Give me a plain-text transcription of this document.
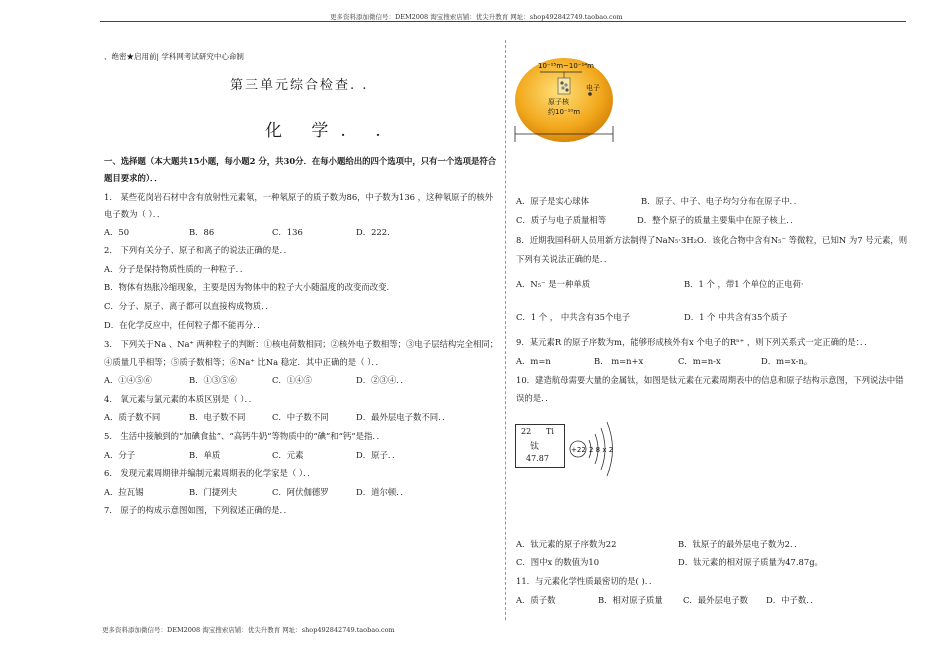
更多资料添加微信号：DEM2008 淘宝搜索店铺：优尖升教育 网址：shop492842749.taobao.com
、绝密★启用前| 学科网考试研究中心命制
第三单元综合检查. .
化 学. .
一、选择题（本大题共15小题，每小题2 分，共30分．在每小题给出的四个选项中，只有一个选项是符合
题目要求的）．．
1． 某些花岗岩石材中含有放射性元素氡，一种氡原子的质子数为86，中子数为136 ，这种氡原子的核外
电子数为（ ）．．
A．50	B．86	C．136	D．222．
2． 下列有关分子、原子和离子的说法正确的是．．
A．分子是保持物质性质的一种粒子．．
B．物体有热胀冷缩现象，主要是因为物体中的粒子大小随温度的改变而改变．
C．分子、原子、离子都可以直接构成物质．．
D．在化学反应中，任何粒子都不能再分．．
3． 下列关于Na 、Na⁺ 两种粒子的判断：①核电荷数相同；②核外电子数相等；③电子层结构完全相同；
④质量几乎相等；⑤质子数相等；⑥Na⁺ 比Na 稳定．其中正确的是（ ）．．
A．①④⑤⑥	B．①③⑤⑥	C．①④⑤	D．②③④．．
4． 氧元素与氯元素的本质区别是（ ）．．
A．质子数不同	B．电子数不同	C．中子数不同	D．最外层电子数不同．．
5． 生活中接触到的“加碘食盐”、“高钙牛奶”等物质中的“碘”和“钙”是指．．
A．分子	B．单质	C．元素	D．原子．．
6． 发现元素周期律并编制元素周期表的化学家是（ ）．．
A．拉瓦锡	B．门捷列夫	C．阿伏伽德罗	D．道尔顿．．
7． 原子的构成示意图如图，下列叙述正确的是．．
10⁻¹⁵m~10⁻¹⁴m
电子
原子核
约10⁻¹⁰m
A．原子是实心球体	B．原子、中子、电子均匀分布在原子中．．
C．质子与电子质量相等	D．整个原子的质量主要集中在原子核上．．
8．近期我国科研人员用新方法制得了NaN₅·3H₂O．该化合物中含有N₅⁻ 等微粒，已知N 为7 号元素，则
下列有关说法正确的是．．
A．N₅⁻ 是一种单质	B．1 个 ，带1 个单位的正电荷·
C．1 个 ， 中共含有35个电子	D．1 个 中共含有35个质子
9．某元素R 的原子序数为m，能够形成核外有x 个电子的Rⁿ⁺ ，则下列关系式一定正确的是：．．
A．m=n	B． m=n+x	C．m=n-x	D．m=x-n。
10．建造航母需要大量的金属钛，如图是钛元素在元素周期表中的信息和原子结构示意图，下列说法中错
误的是．．
22 Ti
钛
47.87
+22 2 8 x 2
A．钛元素的原子序数为22	B．钛原子的最外层电子数为2．．
C．图中x 的数值为10	D．钛元素的相对原子质量为47.87g。
11．与元素化学性质最密切的是( )．．
A．质子数	B．相对原子质量 C．最外层电子数 D．中子数．．
更多资料添加微信号：DEM2008 淘宝搜索店铺：优尖升教育 网址：shop492842749.taobao.com
